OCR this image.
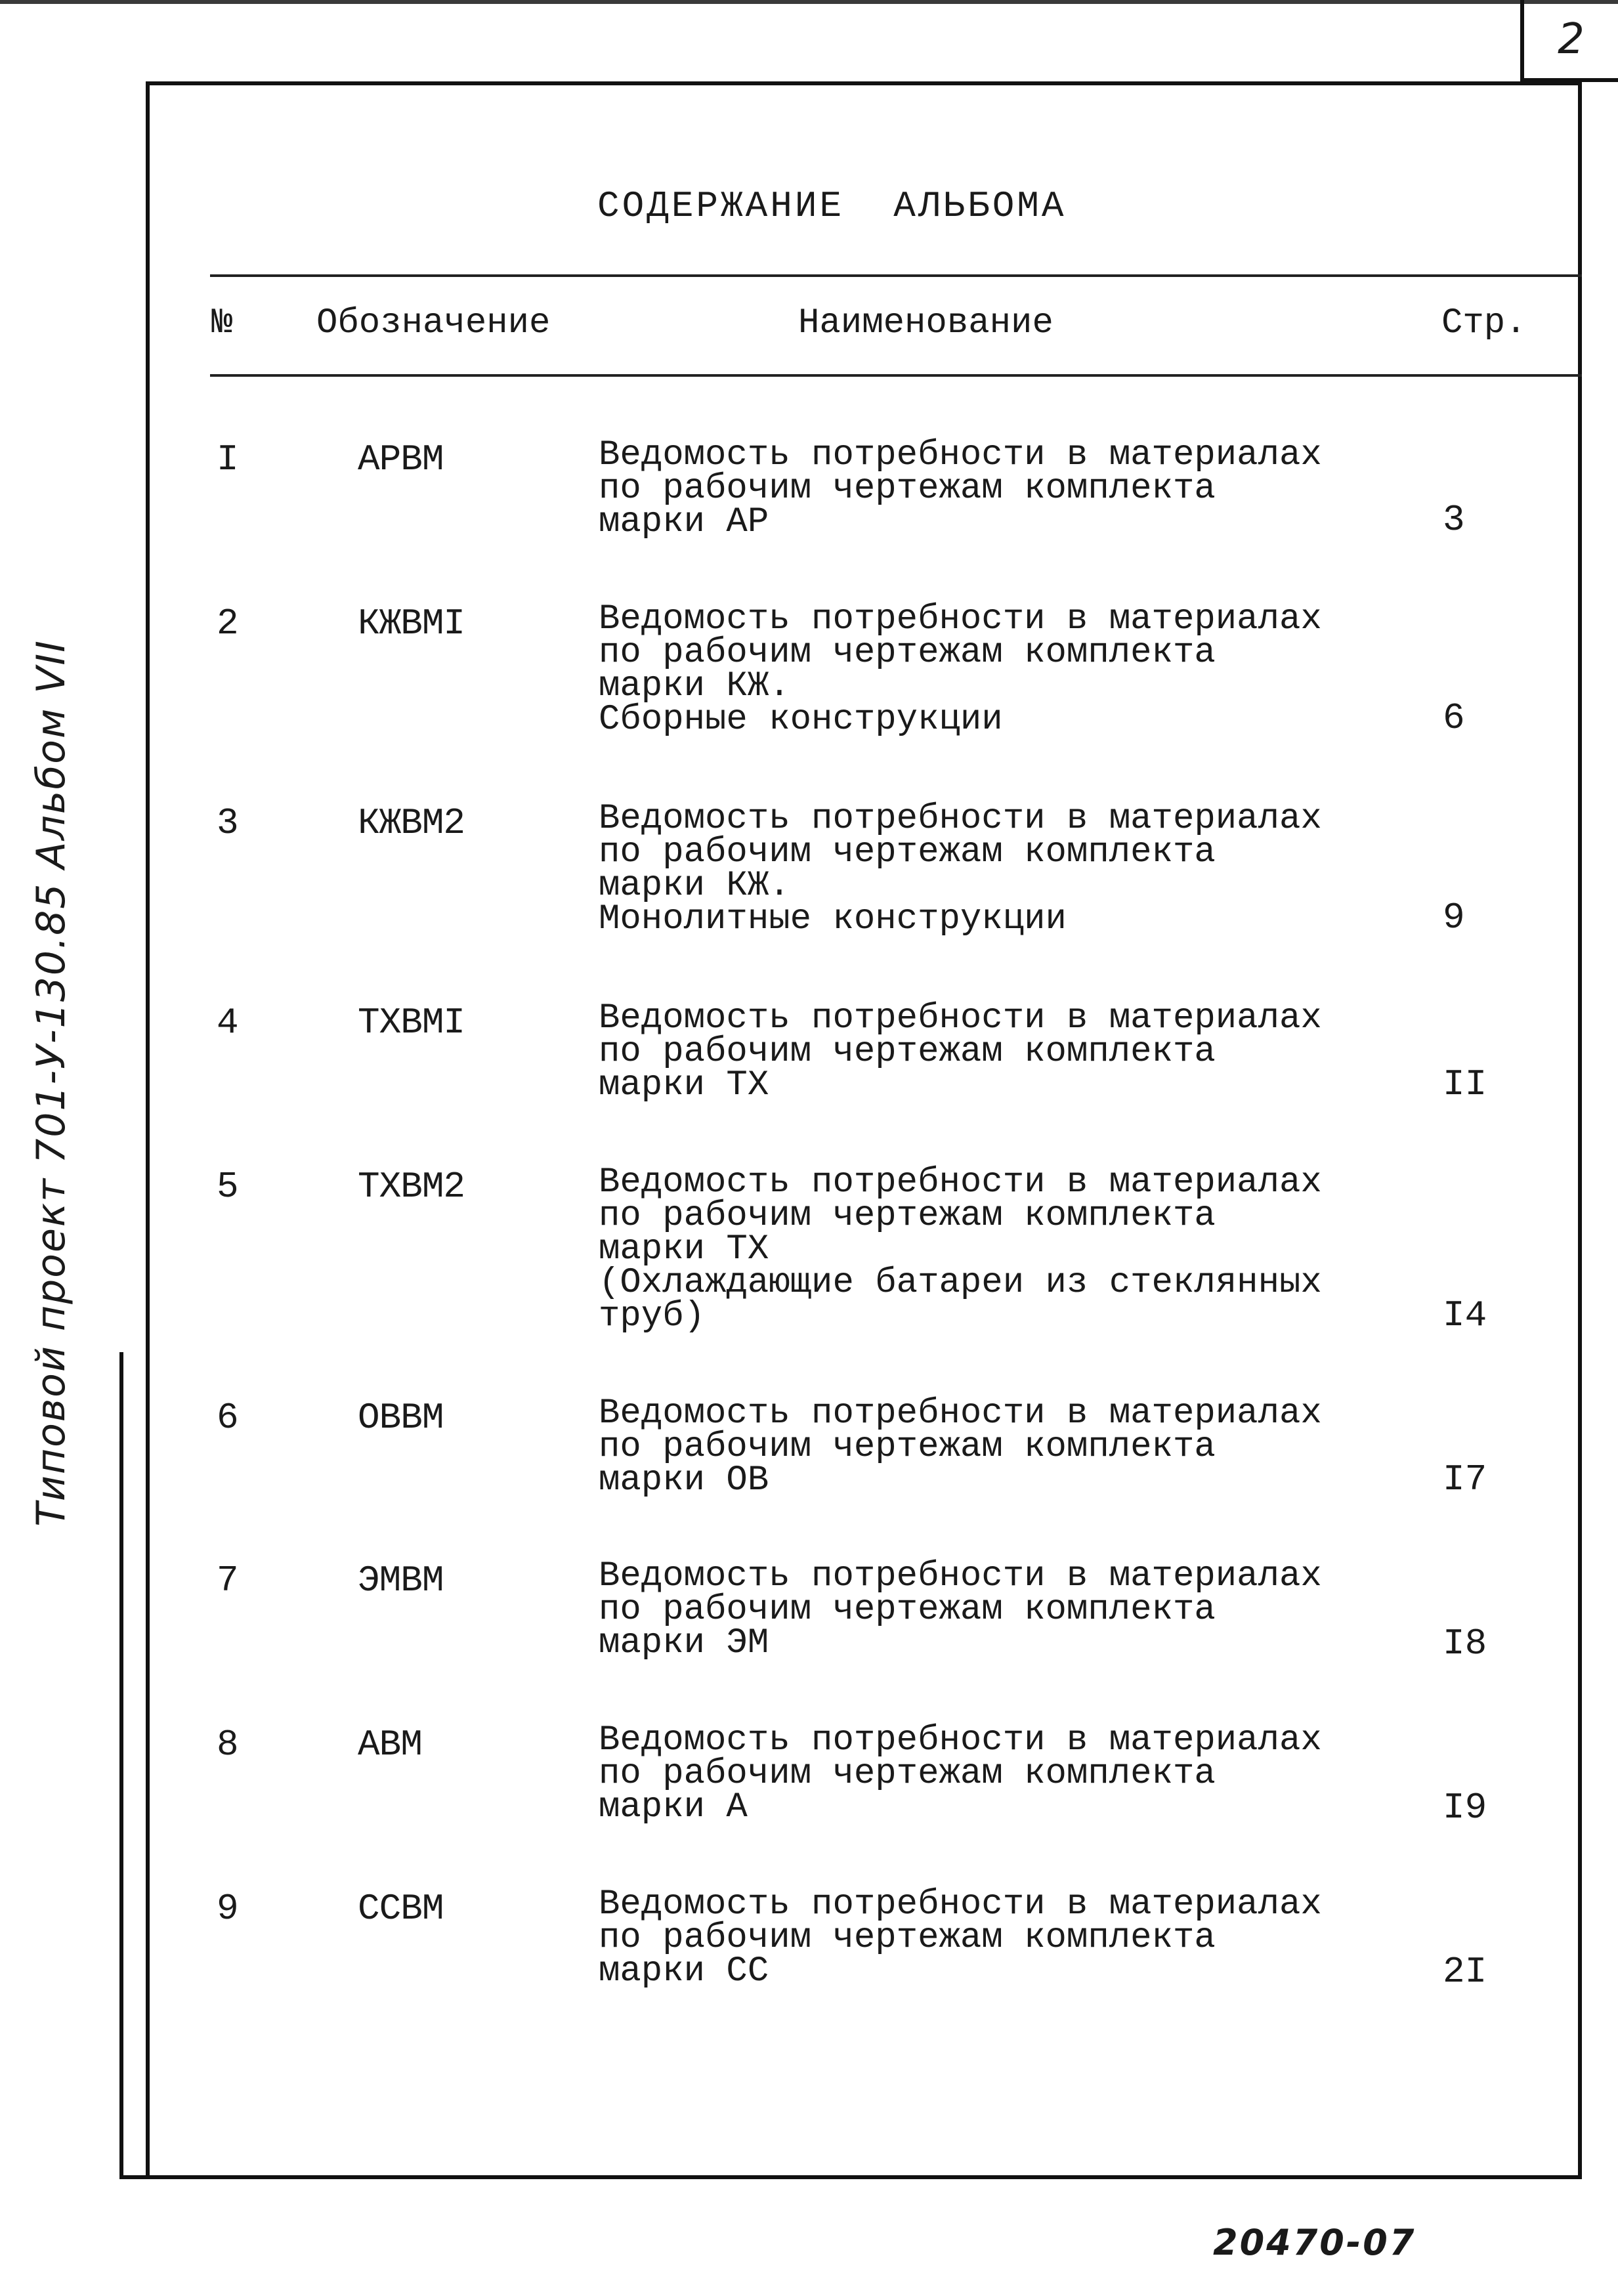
2
Типовой проект 701-У-130.85 Альбом VII
СОДЕРЖАНИЕ  АЛЬБОМА
№ Обозначение	Наименование	Стр.
I	АРВМ	Ведомость потребности в материалах
по рабочим чертежам комплекта
марки АР	3
2	КЖВМI	Ведомость потребности в материалах
по рабочим чертежам комплекта
марки КЖ.
Сборные конструкции	6
3	КЖВМ2	Ведомость потребности в материалах
по рабочим чертежам комплекта
марки КЖ.
Монолитные конструкции	9
4	ТХВМI	Ведомость потребности в материалах
по рабочим чертежам комплекта
марки ТХ	II
5	ТХВМ2	Ведомость потребности в материалах
по рабочим чертежам комплекта
марки ТХ
(Охлаждающие батареи из стеклянных
труб)	I4
6	ОВВМ	Ведомость потребности в материалах
по рабочим чертежам комплекта
марки ОВ	I7
7	ЭМВМ	Ведомость потребности в материалах
по рабочим чертежам комплекта
марки ЭМ	I8
8	АВМ	Ведомость потребности в материалах
по рабочим чертежам комплекта
марки А	I9
9	ССВМ	Ведомость потребности в материалах
по рабочим чертежам комплекта
марки СС	2I
20470-07
